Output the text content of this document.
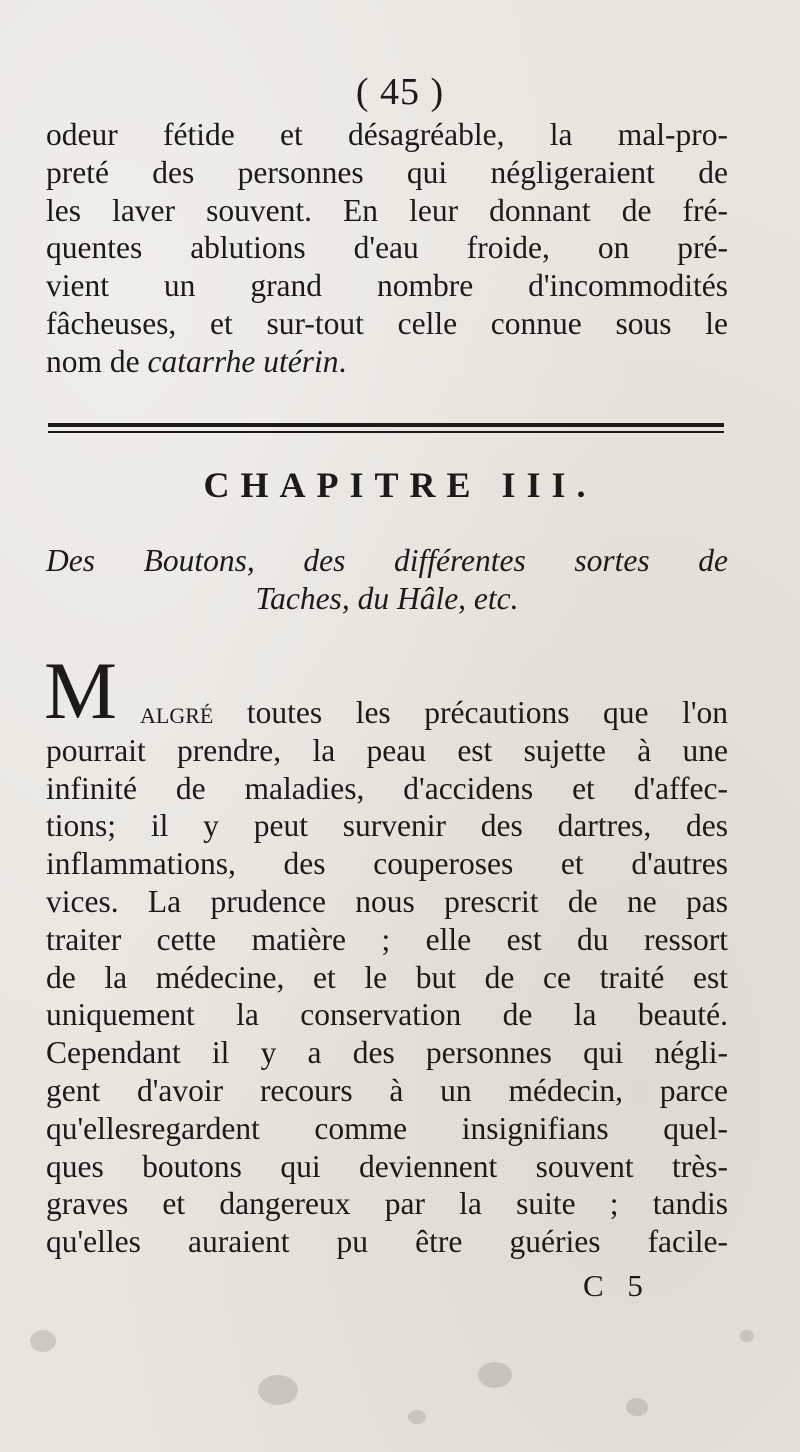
( 45 )
odeur fétide et désagréable, la mal-pro-
preté des personnes qui négligeraient de
les laver souvent. En leur donnant de fré-
quentes ablutions d'eau froide, on pré-
vient un grand nombre d'incommodités
fâcheuses, et sur-tout celle connue sous le
nom de catarrhe utérin.
CHAPITRE III.
Des Boutons, des différentes sortes de
Taches, du Hâle, etc.
M algré toutes les précautions que l'on
pourrait prendre, la peau est sujette à une
infinité de maladies, d'accidens et d'affec-
tions; il y peut survenir des dartres, des
inflammations, des couperoses et d'autres
vices. La prudence nous prescrit de ne pas
traiter cette matière ; elle est du ressort
de la médecine, et le but de ce traité est
uniquement la conservation de la beauté.
Cependant il y a des personnes qui négli-
gent d'avoir recours à un médecin, parce
qu'ellesregardent comme insignifians quel-
ques boutons qui deviennent souvent très-
graves et dangereux par la suite ; tandis
qu'elles auraient pu être guéries facile-
C 5
